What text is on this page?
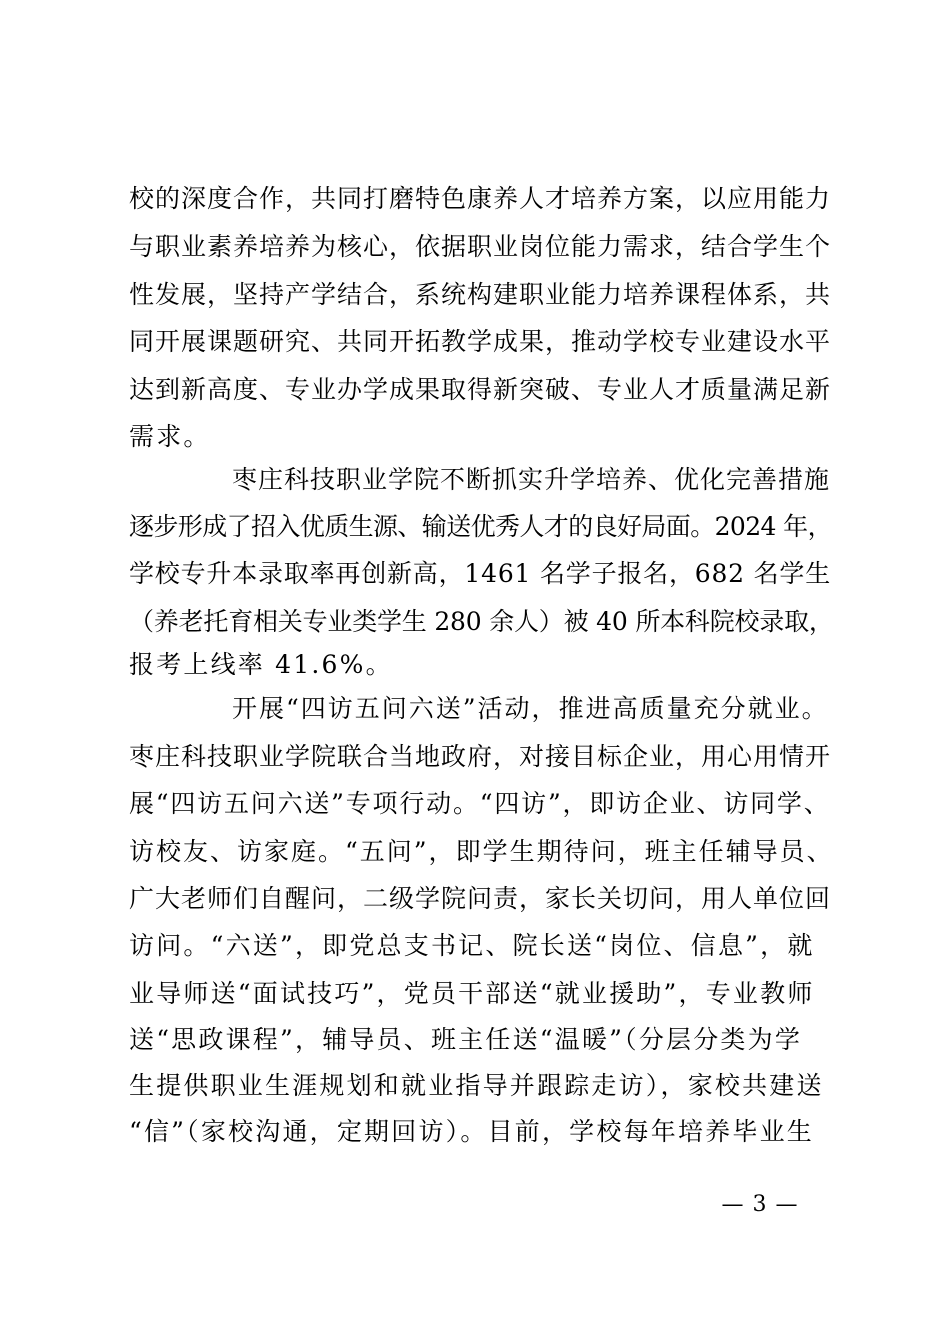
校的深度合作，共同打磨特色康养人才培养方案，以应用能力
与职业素养培养为核心，依据职业岗位能力需求，结合学生个
性发展，坚持产学结合，系统构建职业能力培养课程体系，共
同开展课题研究、共同开拓教学成果，推动学校专业建设水平
达到新高度、专业办学成果取得新突破、专业人才质量满足新
需求。
枣庄科技职业学院不断抓实升学培养、优化完善措施
逐步形成了招入优质生源、输送优秀人才的良好局面。2024 年，
学校专升本录取率再创新高，1461 名学子报名，682 名学生
（养老托育相关专业类学生 280 余人）被 40 所本科院校录取，
报考上线率 41.6%。
开展“四访五问六送”活动，推进高质量充分就业。
枣庄科技职业学院联合当地政府，对接目标企业，用心用情开
展“四访五问六送”专项行动。“四访”，即访企业、访同学、
访校友、访家庭。“五问”，即学生期待问，班主任辅导员、
广大老师们自醒问，二级学院问责，家长关切问，用人单位回
访问。“六送”，即党总支书记、院长送“岗位、信息”，就
业导师送“面试技巧”，党员干部送“就业援助”，专业教师
送“思政课程”，辅导员、班主任送“温暖”（分层分类为学
生提供职业生涯规划和就业指导并跟踪走访），家校共建送
“信”（家校沟通，定期回访）。目前，学校每年培养毕业生
— 3 —
